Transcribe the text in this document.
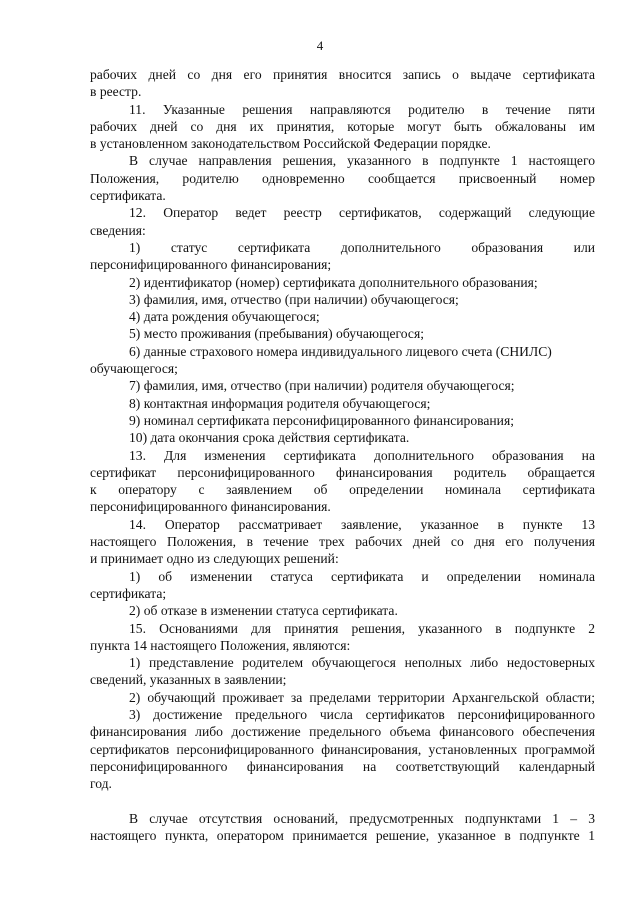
4
рабочих дней со дня его принятия вносится запись о выдаче сертификата
в реестр.
11. Указанные решения направляются родителю в течение пяти
рабочих дней со дня их принятия, которые могут быть обжалованы им
в установленном законодательством Российской Федерации порядке.
В случае направления решения, указанного в подпункте 1 настоящего
Положения, родителю одновременно сообщается присвоенный номер
сертификата.
12. Оператор ведет реестр сертификатов, содержащий следующие
сведения:
1) статус сертификата дополнительного образования или
персонифицированного финансирования;
2) идентификатор (номер) сертификата дополнительного образования;
3) фамилия, имя, отчество (при наличии) обучающегося;
4) дата рождения обучающегося;
5) место проживания (пребывания) обучающегося;
6) данные страхового номера индивидуального лицевого счета (СНИЛС)
обучающегося;
7) фамилия, имя, отчество (при наличии) родителя обучающегося;
8) контактная информация родителя обучающегося;
9) номинал сертификата персонифицированного финансирования;
10) дата окончания срока действия сертификата.
13. Для изменения сертификата дополнительного образования на
сертификат персонифицированного финансирования родитель обращается
к оператору с заявлением об определении номинала сертификата
персонифицированного финансирования.
14. Оператор рассматривает заявление, указанное в пункте 13
настоящего Положения, в течение трех рабочих дней со дня его получения
и принимает одно из следующих решений:
1) об изменении статуса сертификата и определении номинала
сертификата;
2) об отказе в изменении статуса сертификата.
15. Основаниями для принятия решения, указанного в подпункте 2
пункта 14 настоящего Положения, являются:
1) представление родителем обучающегося неполных либо недостоверных
сведений, указанных в заявлении;
2) обучающий проживает за пределами территории Архангельской области;
3) достижение предельного числа сертификатов персонифицированного
финансирования либо достижение предельного объема финансового обеспечения
сертификатов персонифицированного финансирования, установленных программой
персонифицированного финансирования на соответствующий календарный
год.
В случае отсутствия оснований, предусмотренных подпунктами 1 – 3
настоящего пункта, оператором принимается решение, указанное в подпункте 1
